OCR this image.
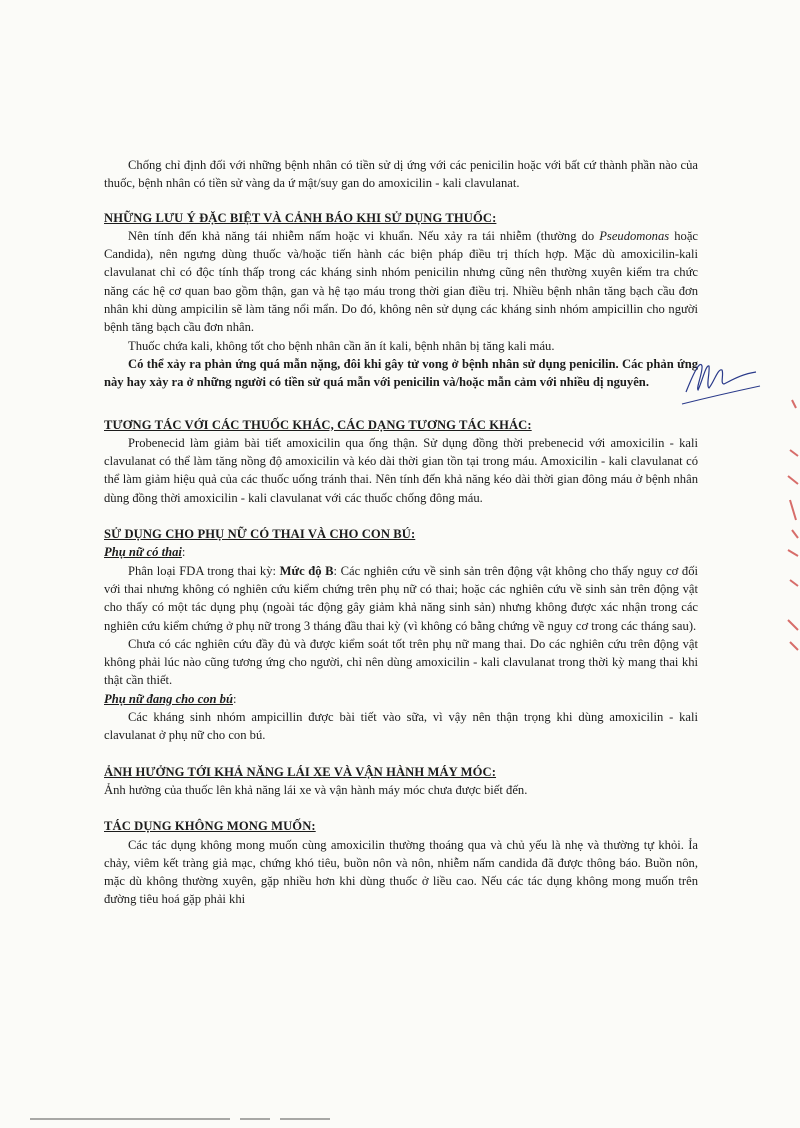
Chống chỉ định đối với những bệnh nhân có tiền sử dị ứng với các penicilin hoặc với bất cứ thành phần nào của thuốc, bệnh nhân có tiền sử vàng da ứ mật/suy gan do amoxicilin - kali clavulanat.

NHỮNG LƯU Ý ĐẶC BIỆT VÀ CẢNH BÁO KHI SỬ DỤNG THUỐC:

Nên tính đến khả năng tái nhiễm nấm hoặc vi khuẩn. Nếu xảy ra tái nhiễm (thường do Pseudomonas hoặc Candida), nên ngưng dùng thuốc và/hoặc tiến hành các biện pháp điều trị thích hợp. Mặc dù amoxicilin-kali clavulanat chỉ có độc tính thấp trong các kháng sinh nhóm penicilin nhưng cũng nên thường xuyên kiểm tra chức năng các hệ cơ quan bao gồm thận, gan và hệ tạo máu trong thời gian điều trị. Nhiều bệnh nhân tăng bạch cầu đơn nhân khi dùng ampicilin sẽ làm tăng nổi mẩn. Do đó, không nên sử dụng các kháng sinh nhóm ampicillin cho người bệnh tăng bạch cầu đơn nhân.

Thuốc chứa kali, không tốt cho bệnh nhân cần ăn ít kali, bệnh nhân bị tăng kali máu.

Có thể xảy ra phản ứng quá mẫn nặng, đôi khi gây tử vong ở bệnh nhân sử dụng penicilin. Các phản ứng này hay xảy ra ở những người có tiền sử quá mẫn với penicilin và/hoặc mẫn cảm với nhiều dị nguyên.

TƯƠNG TÁC VỚI CÁC THUỐC KHÁC, CÁC DẠNG TƯƠNG TÁC KHÁC:

Probenecid làm giảm bài tiết amoxicilin qua ống thận. Sử dụng đồng thời prebenecid với amoxicilin - kali clavulanat có thể làm tăng nồng độ amoxicilin và kéo dài thời gian tồn tại trong máu. Amoxicilin - kali clavulanat có thể làm giảm hiệu quả của các thuốc uống tránh thai. Nên tính đến khả năng kéo dài thời gian đông máu ở bệnh nhân dùng đồng thời amoxicilin - kali clavulanat với các thuốc chống đông máu.

SỬ DỤNG CHO PHỤ NỮ CÓ THAI VÀ CHO CON BÚ:

Phụ nữ có thai:

Phân loại FDA trong thai kỳ: Mức độ B: Các nghiên cứu về sinh sản trên động vật không cho thấy nguy cơ đối với thai nhưng không có nghiên cứu kiểm chứng trên phụ nữ có thai; hoặc các nghiên cứu về sinh sản trên động vật cho thấy có một tác dụng phụ (ngoài tác động gây giảm khả năng sinh sản) nhưng không được xác nhận trong các nghiên cứu kiểm chứng ở phụ nữ trong 3 tháng đầu thai kỳ (vì không có bằng chứng về nguy cơ trong các tháng sau).

Chưa có các nghiên cứu đầy đủ và được kiểm soát tốt trên phụ nữ mang thai. Do các nghiên cứu trên động vật không phải lúc nào cũng tương ứng cho người, chỉ nên dùng amoxicilin - kali clavulanat trong thời kỳ mang thai khi thật cần thiết.

Phụ nữ đang cho con bú:

Các kháng sinh nhóm ampicillin được bài tiết vào sữa, vì vậy nên thận trọng khi dùng amoxicilin - kali clavulanat ở phụ nữ cho con bú.

ẢNH HƯỞNG TỚI KHẢ NĂNG LÁI XE VÀ VẬN HÀNH MÁY MÓC:

Ảnh hưởng của thuốc lên khả năng lái xe và vận hành máy móc chưa được biết đến.

TÁC DỤNG KHÔNG MONG MUỐN:

Các tác dụng không mong muốn cùng amoxicilin thường thoáng qua và chủ yếu là nhẹ và thường tự khỏi. Ỉa chảy, viêm kết tràng giả mạc, chứng khó tiêu, buồn nôn và nôn, nhiễm nấm candida đã được thông báo. Buồn nôn, mặc dù không thường xuyên, gặp nhiều hơn khi dùng thuốc ở liều cao. Nếu các tác dụng không mong muốn trên đường tiêu hoá gặp phải khi
